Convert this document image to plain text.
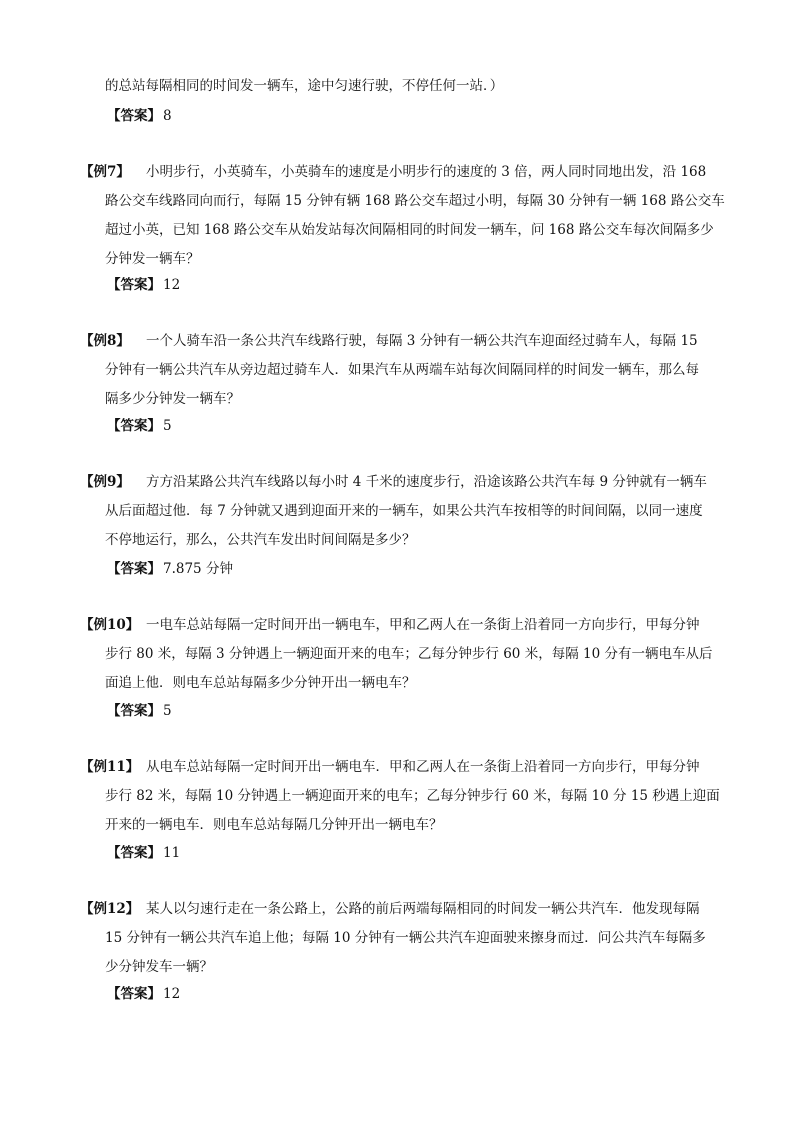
的总站每隔相同的时间发一辆车，途中匀速行驶，不停任何一站．）
【答案】 8
【例7】 小明步行，小英骑车，小英骑车的速度是小明步行的速度的 3 倍，两人同时同地出发，沿 168
路公交车线路同向而行，每隔 15 分钟有辆 168 路公交车超过小明，每隔 30 分钟有一辆 168 路公交车
超过小英，已知 168 路公交车从始发站每次间隔相同的时间发一辆车，问 168 路公交车每次间隔多少
分钟发一辆车？
【答案】 12
【例8】 一个人骑车沿一条公共汽车线路行驶，每隔 3 分钟有一辆公共汽车迎面经过骑车人，每隔 15
分钟有一辆公共汽车从旁边超过骑车人．如果汽车从两端车站每次间隔同样的时间发一辆车，那么每
隔多少分钟发一辆车？
【答案】 5
【例9】 方方沿某路公共汽车线路以每小时 4 千米的速度步行，沿途该路公共汽车每 9 分钟就有一辆车
从后面超过他．每 7 分钟就又遇到迎面开来的一辆车，如果公共汽车按相等的时间间隔，以同一速度
不停地运行，那么，公共汽车发出时间间隔是多少？
【答案】 7.875 分钟
【例10】 一电车总站每隔一定时间开出一辆电车，甲和乙两人在一条街上沿着同一方向步行，甲每分钟
步行 80 米，每隔 3 分钟遇上一辆迎面开来的电车；乙每分钟步行 60 米，每隔 10 分有一辆电车从后
面追上他．则电车总站每隔多少分钟开出一辆电车？
【答案】 5
【例11】 从电车总站每隔一定时间开出一辆电车．甲和乙两人在一条街上沿着同一方向步行，甲每分钟
步行 82 米，每隔 10 分钟遇上一辆迎面开来的电车；乙每分钟步行 60 米，每隔 10 分 15 秒遇上迎面
开来的一辆电车．则电车总站每隔几分钟开出一辆电车？
【答案】 11
【例12】 某人以匀速行走在一条公路上，公路的前后两端每隔相同的时间发一辆公共汽车．他发现每隔
15 分钟有一辆公共汽车追上他；每隔 10 分钟有一辆公共汽车迎面驶来擦身而过．问公共汽车每隔多
少分钟发车一辆？
【答案】 12
